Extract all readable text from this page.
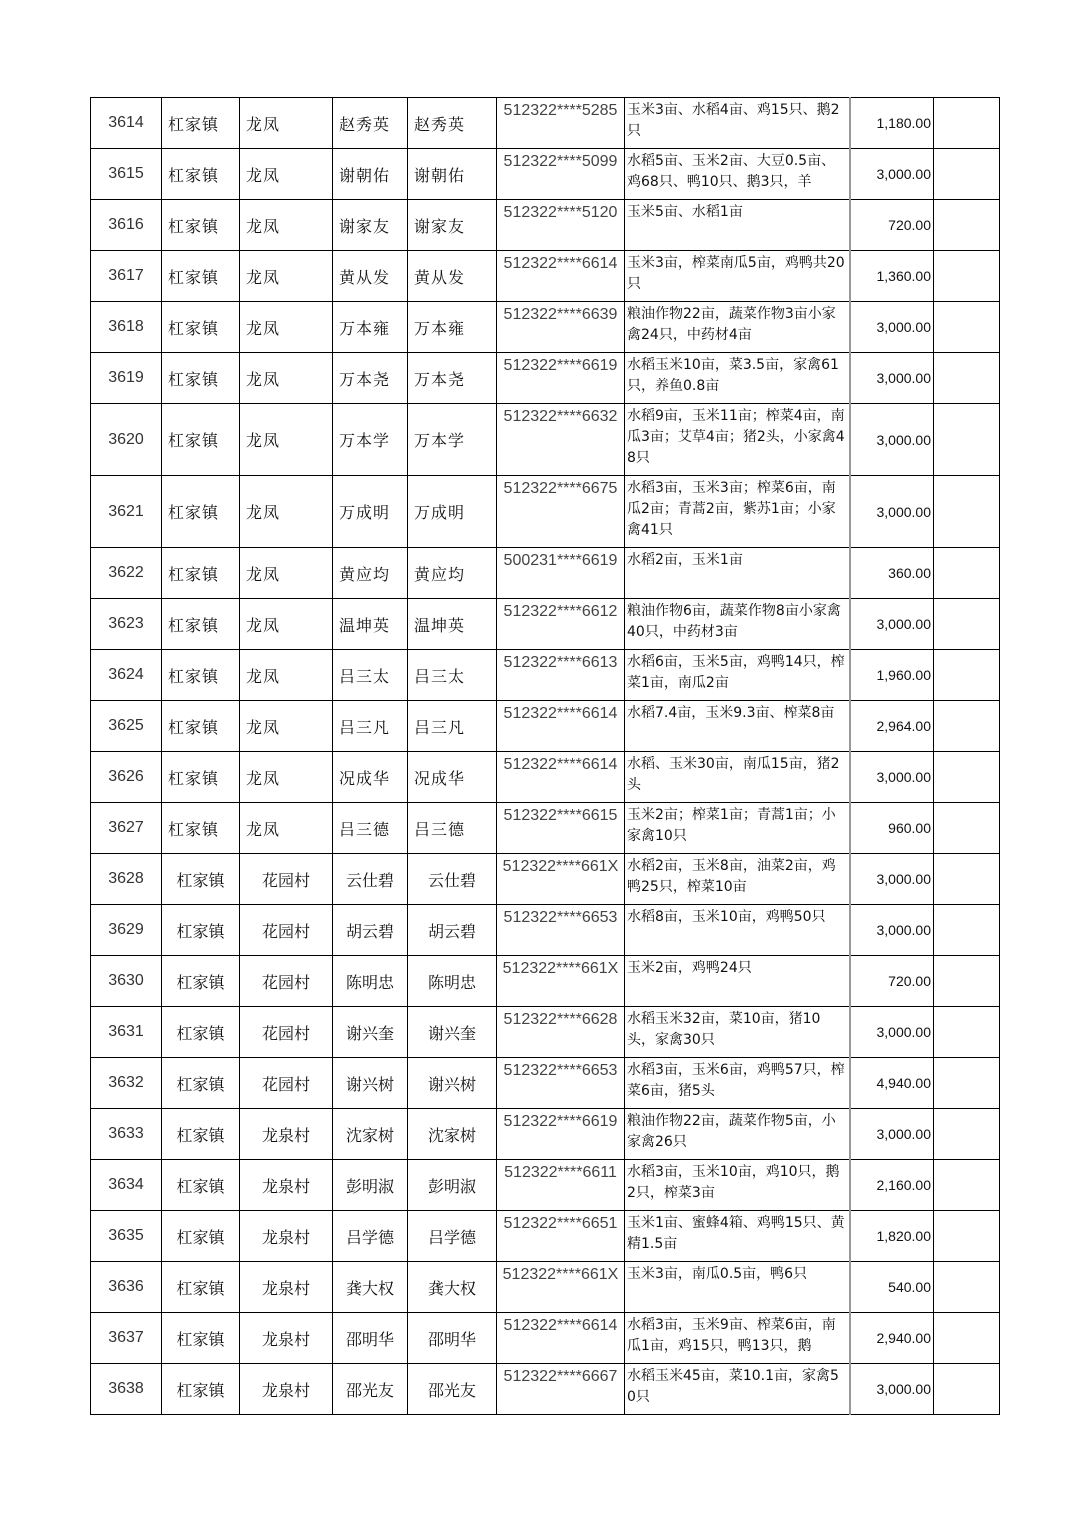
3614	杠家镇	龙凤	赵秀英	赵秀英	512322****5285	玉米3亩、水稻4亩、鸡15只、鹅2只	1,180.00	
3615	杠家镇	龙凤	谢朝佑	谢朝佑	512322****5099	水稻5亩、玉米2亩、大豆0.5亩、鸡68只、鸭10只、鹅3只，羊	3,000.00	
3616	杠家镇	龙凤	谢家友	谢家友	512322****5120	玉米5亩、水稻1亩	720.00	
3617	杠家镇	龙凤	黄从发	黄从发	512322****6614	玉米3亩，榨菜南瓜5亩，鸡鸭共20只	1,360.00	
3618	杠家镇	龙凤	万本雍	万本雍	512322****6639	粮油作物22亩，蔬菜作物3亩小家禽24只，中药材4亩	3,000.00	
3619	杠家镇	龙凤	万本尧	万本尧	512322****6619	水稻玉米10亩，菜3.5亩，家禽61只，养鱼0.8亩	3,000.00	
3620	杠家镇	龙凤	万本学	万本学	512322****6632	水稻9亩，玉米11亩；榨菜4亩，南瓜3亩；艾草4亩；猪2头，小家禽48只	3,000.00	
3621	杠家镇	龙凤	万成明	万成明	512322****6675	水稻3亩，玉米3亩；榨菜6亩，南瓜2亩；青蒿2亩，紫苏1亩；小家禽41只	3,000.00	
3622	杠家镇	龙凤	黄应均	黄应均	500231****6619	水稻2亩，玉米1亩	360.00	
3623	杠家镇	龙凤	温坤英	温坤英	512322****6612	粮油作物6亩，蔬菜作物8亩小家禽40只，中药材3亩	3,000.00	
3624	杠家镇	龙凤	吕三太	吕三太	512322****6613	水稻6亩，玉米5亩，鸡鸭14只，榨菜1亩，南瓜2亩	1,960.00	
3625	杠家镇	龙凤	吕三凡	吕三凡	512322****6614	水稻7.4亩，玉米9.3亩、榨菜8亩	2,964.00	
3626	杠家镇	龙凤	况成华	况成华	512322****6614	水稻、玉米30亩，南瓜15亩，猪2头	3,000.00	
3627	杠家镇	龙凤	吕三德	吕三德	512322****6615	玉米2亩；榨菜1亩；青蒿1亩；小家禽10只	960.00	
3628	杠家镇	花园村	云仕碧	云仕碧	512322****661X	水稻2亩，玉米8亩，油菜2亩，鸡鸭25只，榨菜10亩	3,000.00	
3629	杠家镇	花园村	胡云碧	胡云碧	512322****6653	水稻8亩，玉米10亩，鸡鸭50只	3,000.00	
3630	杠家镇	花园村	陈明忠	陈明忠	512322****661X	玉米2亩，鸡鸭24只	720.00	
3631	杠家镇	花园村	谢兴奎	谢兴奎	512322****6628	水稻玉米32亩，菜10亩，猪10头，家禽30只	3,000.00	
3632	杠家镇	花园村	谢兴树	谢兴树	512322****6653	水稻3亩，玉米6亩，鸡鸭57只，榨菜6亩，猪5头	4,940.00	
3633	杠家镇	龙泉村	沈家树	沈家树	512322****6619	粮油作物22亩，蔬菜作物5亩，小家禽26只	3,000.00	
3634	杠家镇	龙泉村	彭明淑	彭明淑	512322****6611	水稻3亩，玉米10亩，鸡10只，鹅2只，榨菜3亩	2,160.00	
3635	杠家镇	龙泉村	吕学德	吕学德	512322****6651	玉米1亩、蜜蜂4箱、鸡鸭15只、黄精1.5亩	1,820.00	
3636	杠家镇	龙泉村	龚大权	龚大权	512322****661X	玉米3亩，南瓜0.5亩，鸭6只	540.00	
3637	杠家镇	龙泉村	邵明华	邵明华	512322****6614	水稻3亩，玉米9亩、榨菜6亩，南瓜1亩，鸡15只，鸭13只，鹅	2,940.00	
3638	杠家镇	龙泉村	邵光友	邵光友	512322****6667	水稻玉米45亩，菜10.1亩，家禽50只	3,000.00	
